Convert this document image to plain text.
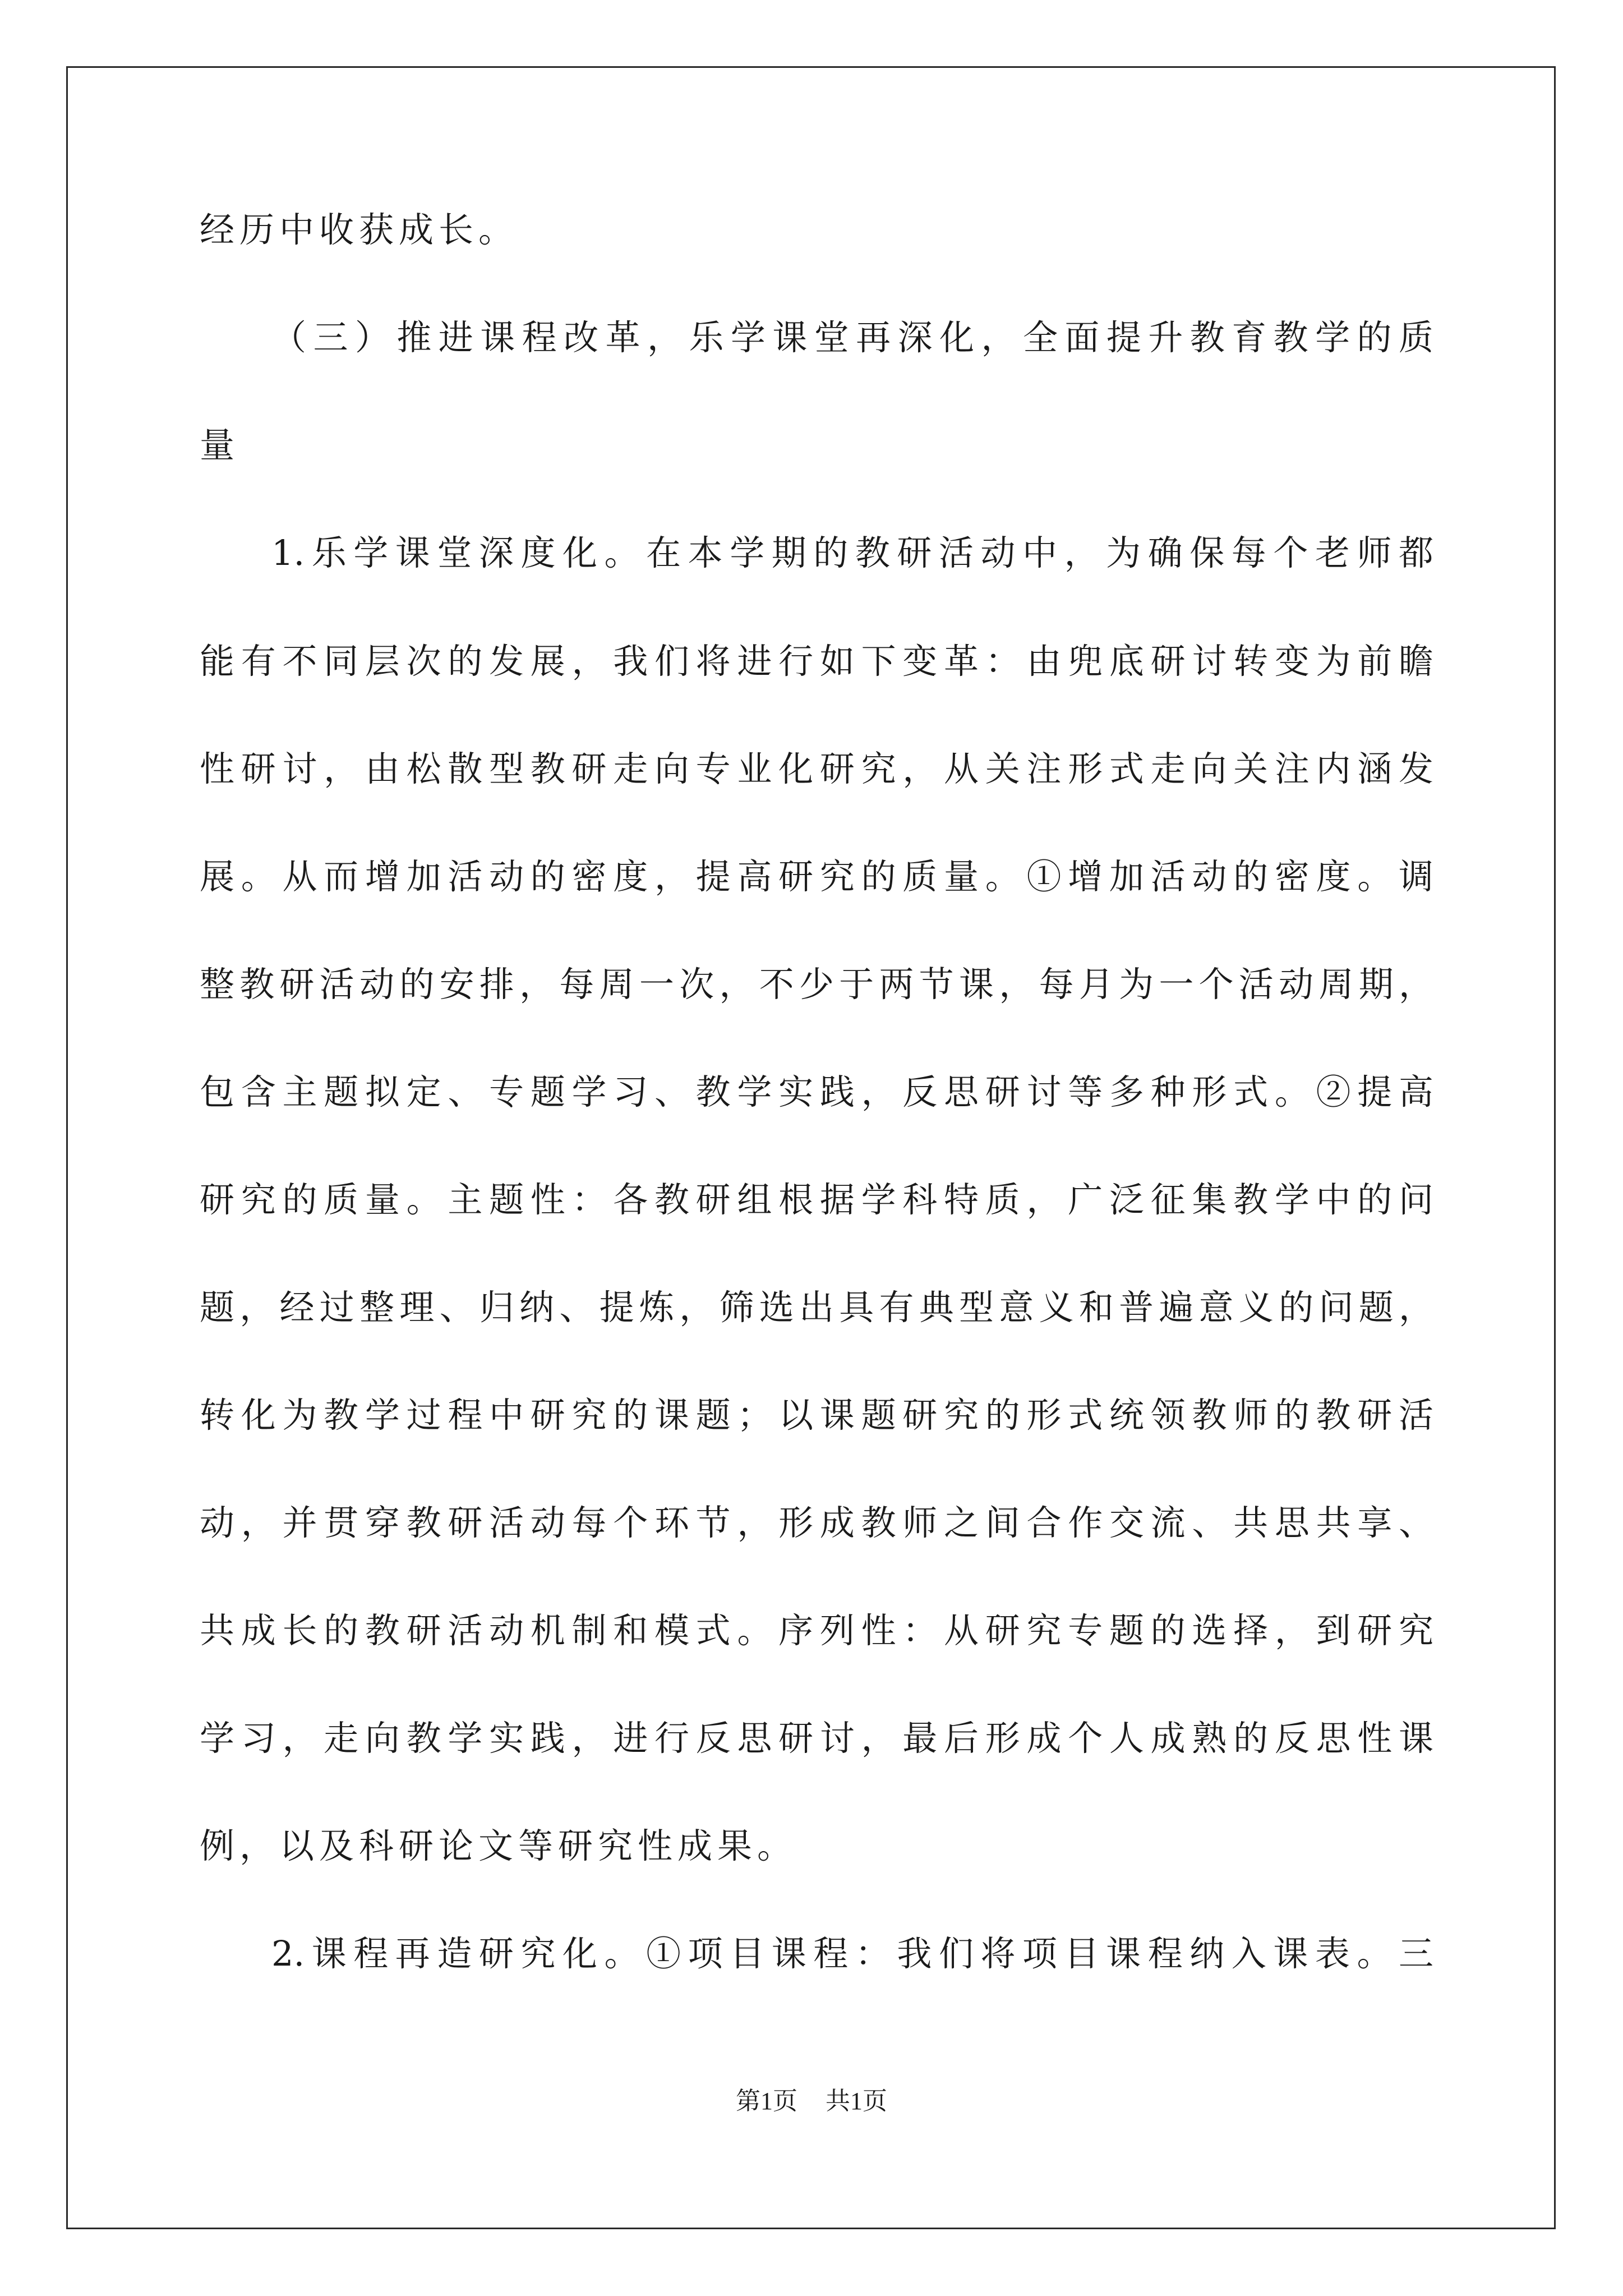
经历中收获成长。
（三）推进课程改革，乐学课堂再深化，全面提升教育教学的质
量
1.乐学课堂深度化。在本学期的教研活动中，为确保每个老师都
能有不同层次的发展，我们将进行如下变革：由兜底研讨转变为前瞻
性研讨，由松散型教研走向专业化研究，从关注形式走向关注内涵发
展。从而增加活动的密度，提高研究的质量。①增加活动的密度。调
整教研活动的安排，每周一次，不少于两节课，每月为一个活动周期，
包含主题拟定、专题学习、教学实践，反思研讨等多种形式。②提高
研究的质量。主题性：各教研组根据学科特质，广泛征集教学中的问
题，经过整理、归纳、提炼，筛选出具有典型意义和普遍意义的问题，
转化为教学过程中研究的课题；以课题研究的形式统领教师的教研活
动，并贯穿教研活动每个环节，形成教师之间合作交流、共思共享、
共成长的教研活动机制和模式。序列性：从研究专题的选择，到研究
学习，走向教学实践，进行反思研讨，最后形成个人成熟的反思性课
例，以及科研论文等研究性成果。
2.课程再造研究化。①项目课程：我们将项目课程纳入课表。三
第1页 共1页
